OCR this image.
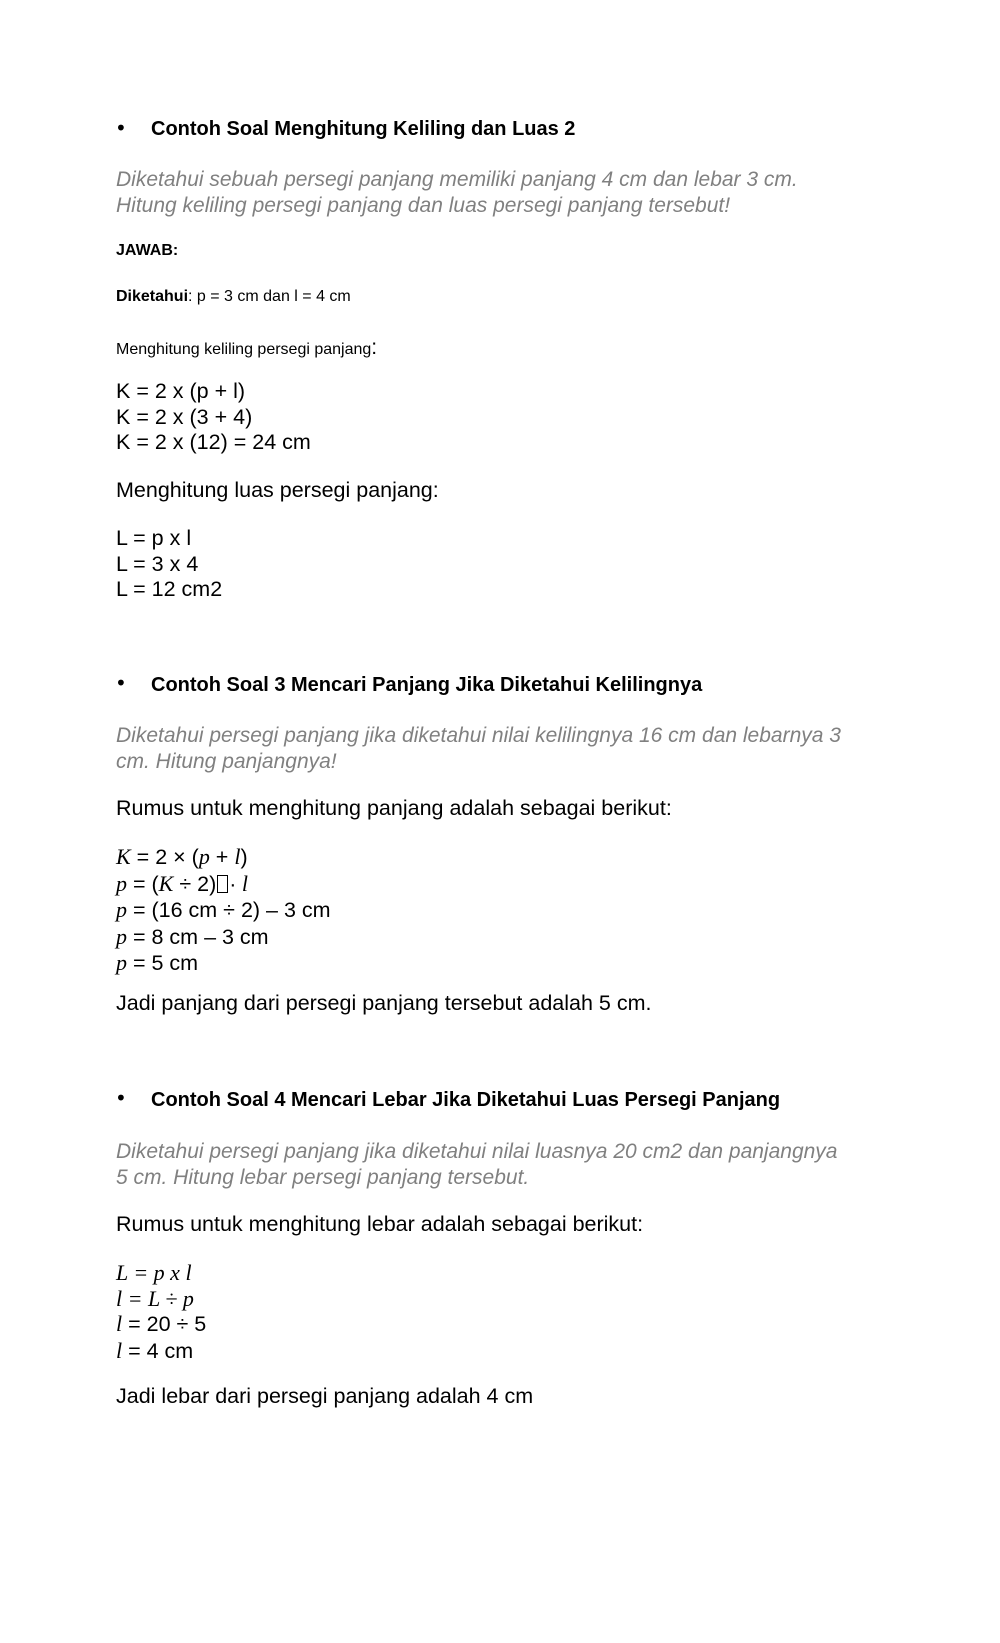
• Contoh Soal Menghitung Keliling dan Luas 2
Diketahui sebuah persegi panjang memiliki panjang 4 cm dan lebar 3 cm.
Hitung keliling persegi panjang dan luas persegi panjang tersebut!
JAWAB:
Diketahui: p = 3 cm dan l = 4 cm
Menghitung keliling persegi panjang:
K = 2 x (p + l)
K = 2 x (3 + 4)
K = 2 x (12) = 24 cm
Menghitung luas persegi panjang:
L = p x l
L = 3 x 4
L = 12 cm2
• Contoh Soal 3 Mencari Panjang Jika Diketahui Kelilingnya
Diketahui persegi panjang jika diketahui nilai kelilingnya 16 cm dan lebarnya 3
cm. Hitung panjangnya!
Rumus untuk menghitung panjang adalah sebagai berikut:
K = 2 × (p + l)
p = (K ÷ 2) · l
p = (16 cm ÷ 2) – 3 cm
p = 8 cm – 3 cm
p = 5 cm
Jadi panjang dari persegi panjang tersebut adalah 5 cm.
• Contoh Soal 4 Mencari Lebar Jika Diketahui Luas Persegi Panjang
Diketahui persegi panjang jika diketahui nilai luasnya 20 cm2 dan panjangnya
5 cm. Hitung lebar persegi panjang tersebut.
Rumus untuk menghitung lebar adalah sebagai berikut:
L = p x l
l = L ÷ p
l = 20 ÷ 5
l = 4 cm
Jadi lebar dari persegi panjang adalah 4 cm
